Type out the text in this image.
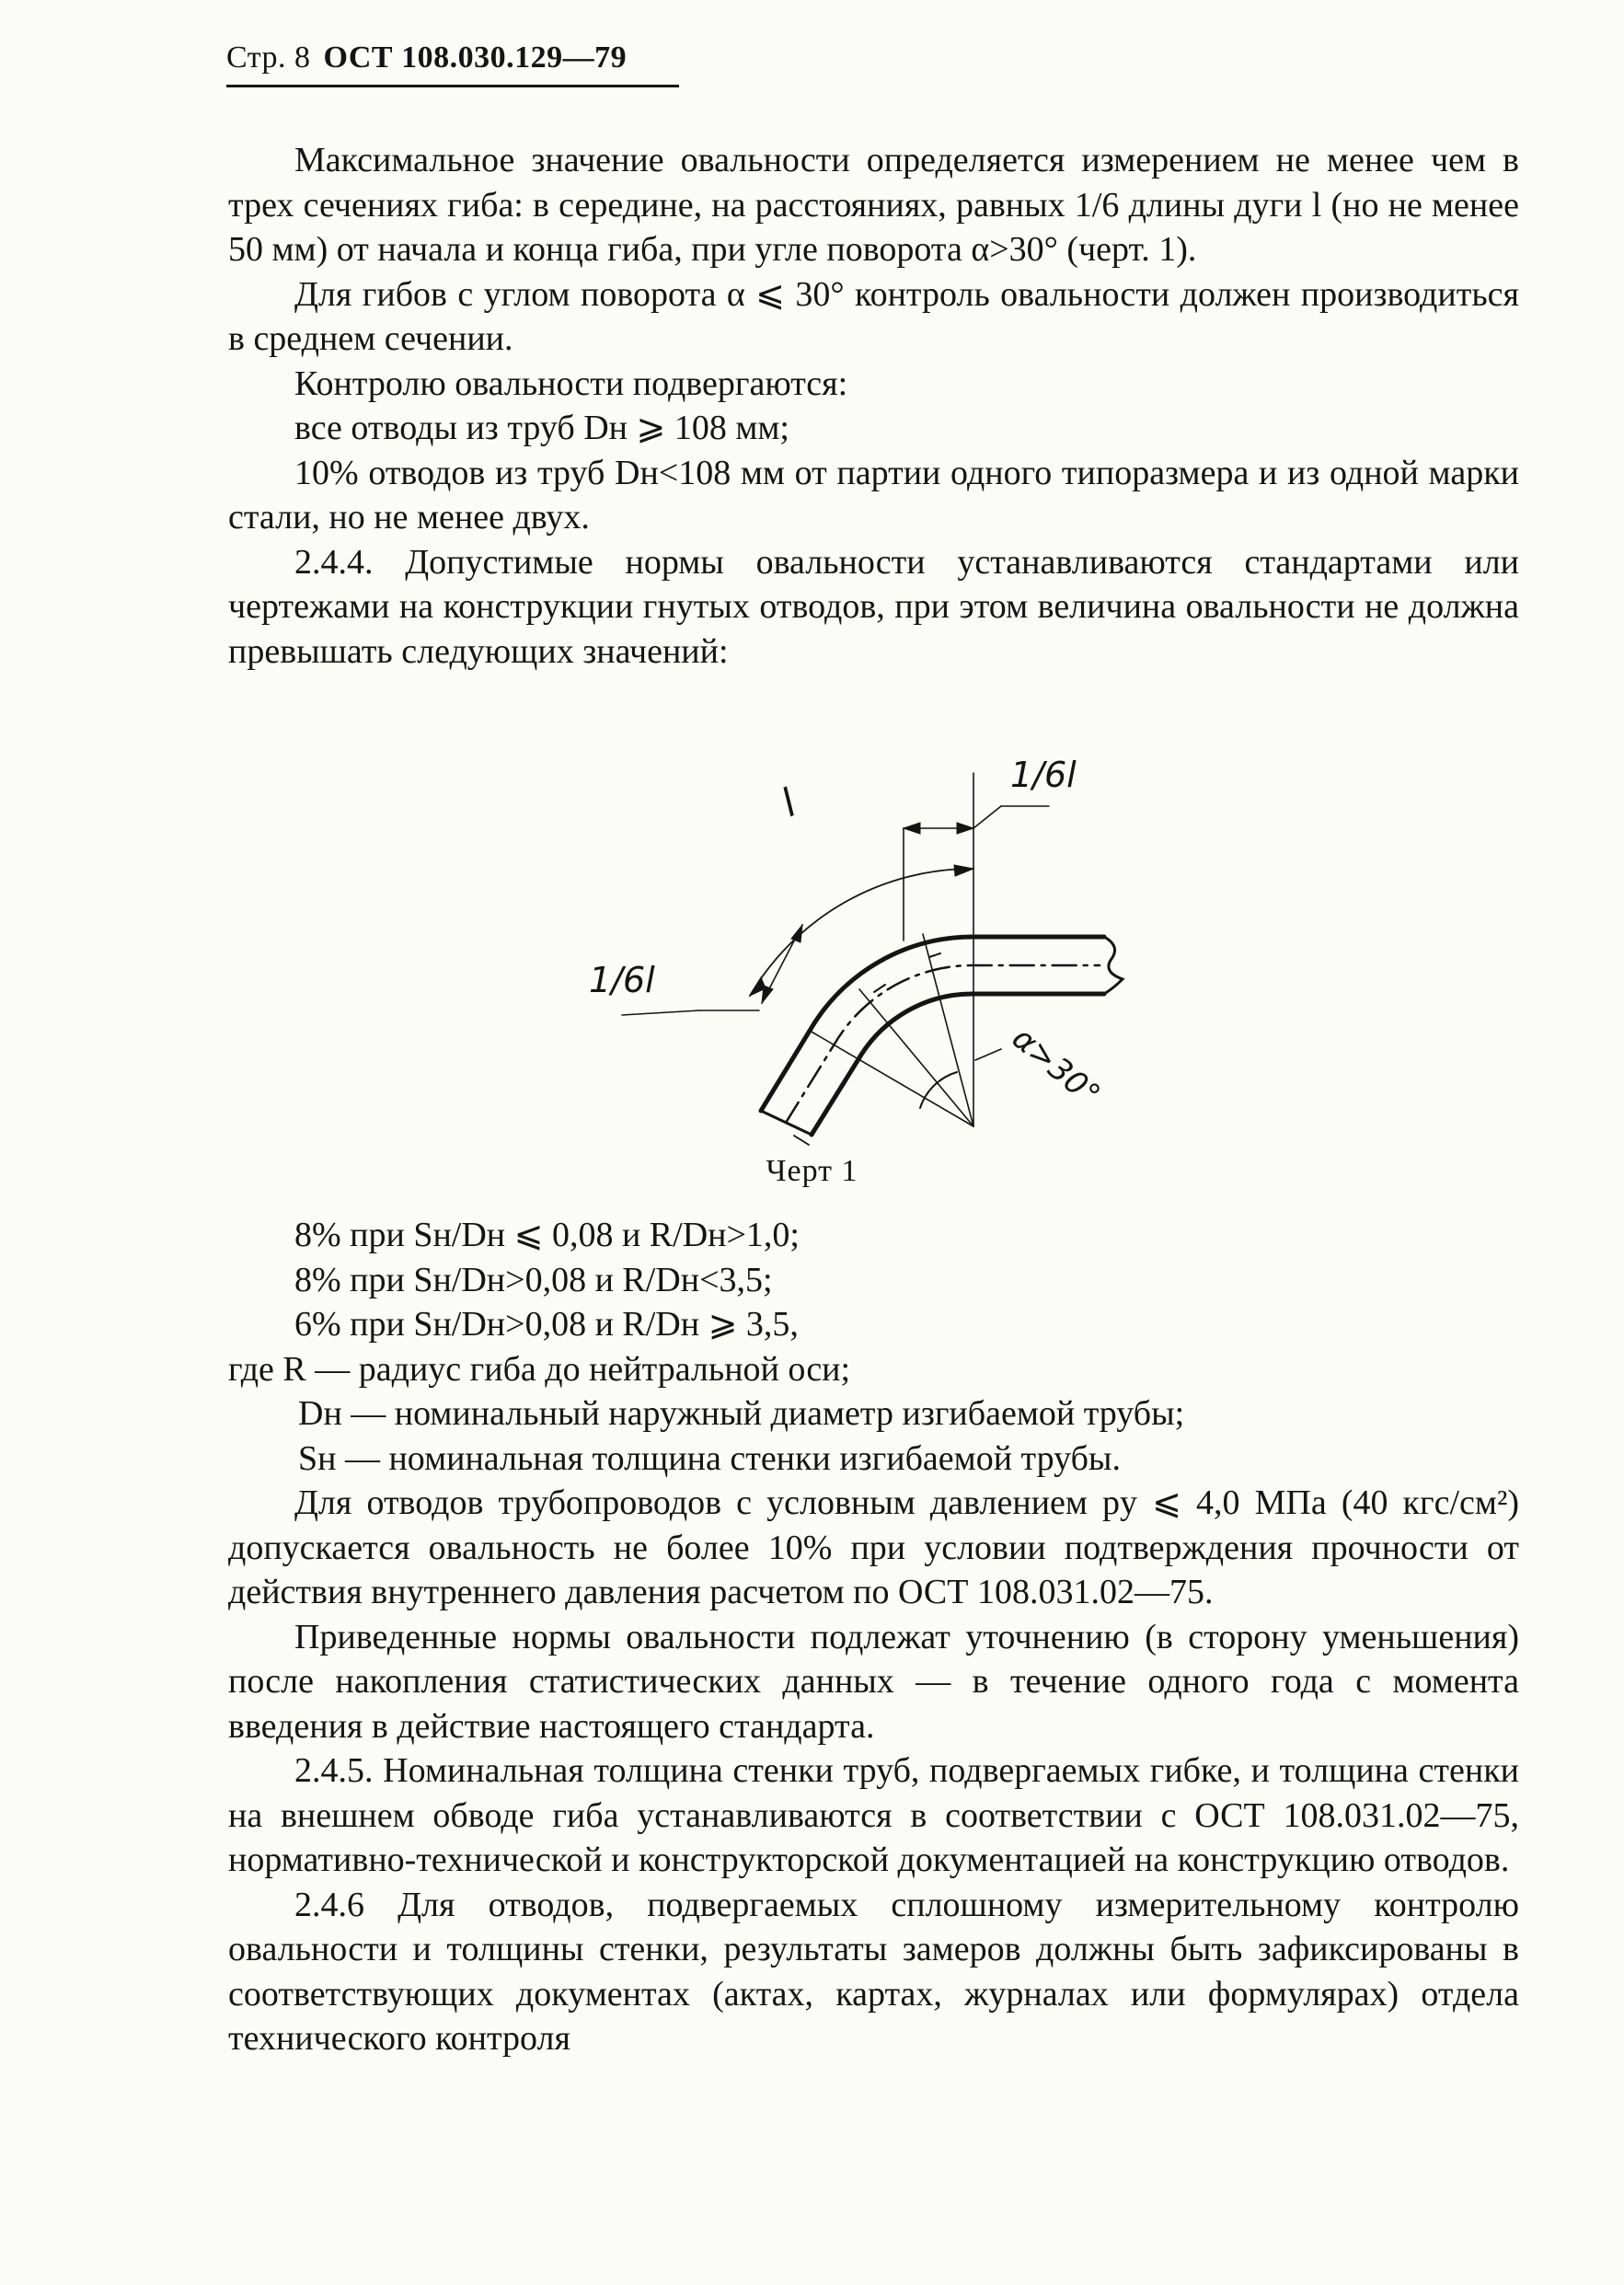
Стр. 8 ОСТ 108.030.129—79

Максимальное значение овальности определяется измерением не менее чем в трех сечениях гиба: в середине, на расстояниях, равных 1/6 длины дуги l (но не менее 50 мм) от начала и конца гиба, при угле поворота α>30° (черт. 1).

Для гибов с углом поворота α ⩽ 30° контроль овальности должен производиться в среднем сечении.

Контролю овальности подвергаются:

все отводы из труб Dн ⩾ 108 мм;

10% отводов из труб Dн<108 мм от партии одного типоразмера и из одной марки стали, но не менее двух.

2.4.4. Допустимые нормы овальности устанавливаются стандартами или чертежами на конструкции гнутых отводов, при этом величина овальности не должна превышать следующих значений:

1/6l
l
1/6l
α>30°
Черт 1

8% при Sн/Dн ⩽ 0,08 и R/Dн>1,0;

8% при Sн/Dн>0,08 и R/Dн<3,5;

6% при Sн/Dн>0,08 и R/Dн ⩾ 3,5,

где R — радиус гиба до нейтральной оси;

Dн — номинальный наружный диаметр изгибаемой трубы;

Sн — номинальная толщина стенки изгибаемой трубы.

Для отводов трубопроводов с условным давлением pу ⩽ 4,0 МПа (40 кгс/см²) допускается овальность не более 10% при условии подтверждения прочности от действия внутреннего давления расчетом по ОСТ 108.031.02—75.

Приведенные нормы овальности подлежат уточнению (в сторону уменьшения) после накопления статистических данных — в течение одного года с момента введения в действие настоящего стандарта.

2.4.5. Номинальная толщина стенки труб, подвергаемых гибке, и толщина стенки на внешнем обводе гиба устанавливаются в соответствии с ОСТ 108.031.02—75, нормативно-технической и конструкторской документацией на конструкцию отводов.

2.4.6 Для отводов, подвергаемых сплошному измерительному контролю овальности и толщины стенки, результаты замеров должны быть зафиксированы в соответствующих документах (актах, картах, журналах или формулярах) отдела технического контроля
